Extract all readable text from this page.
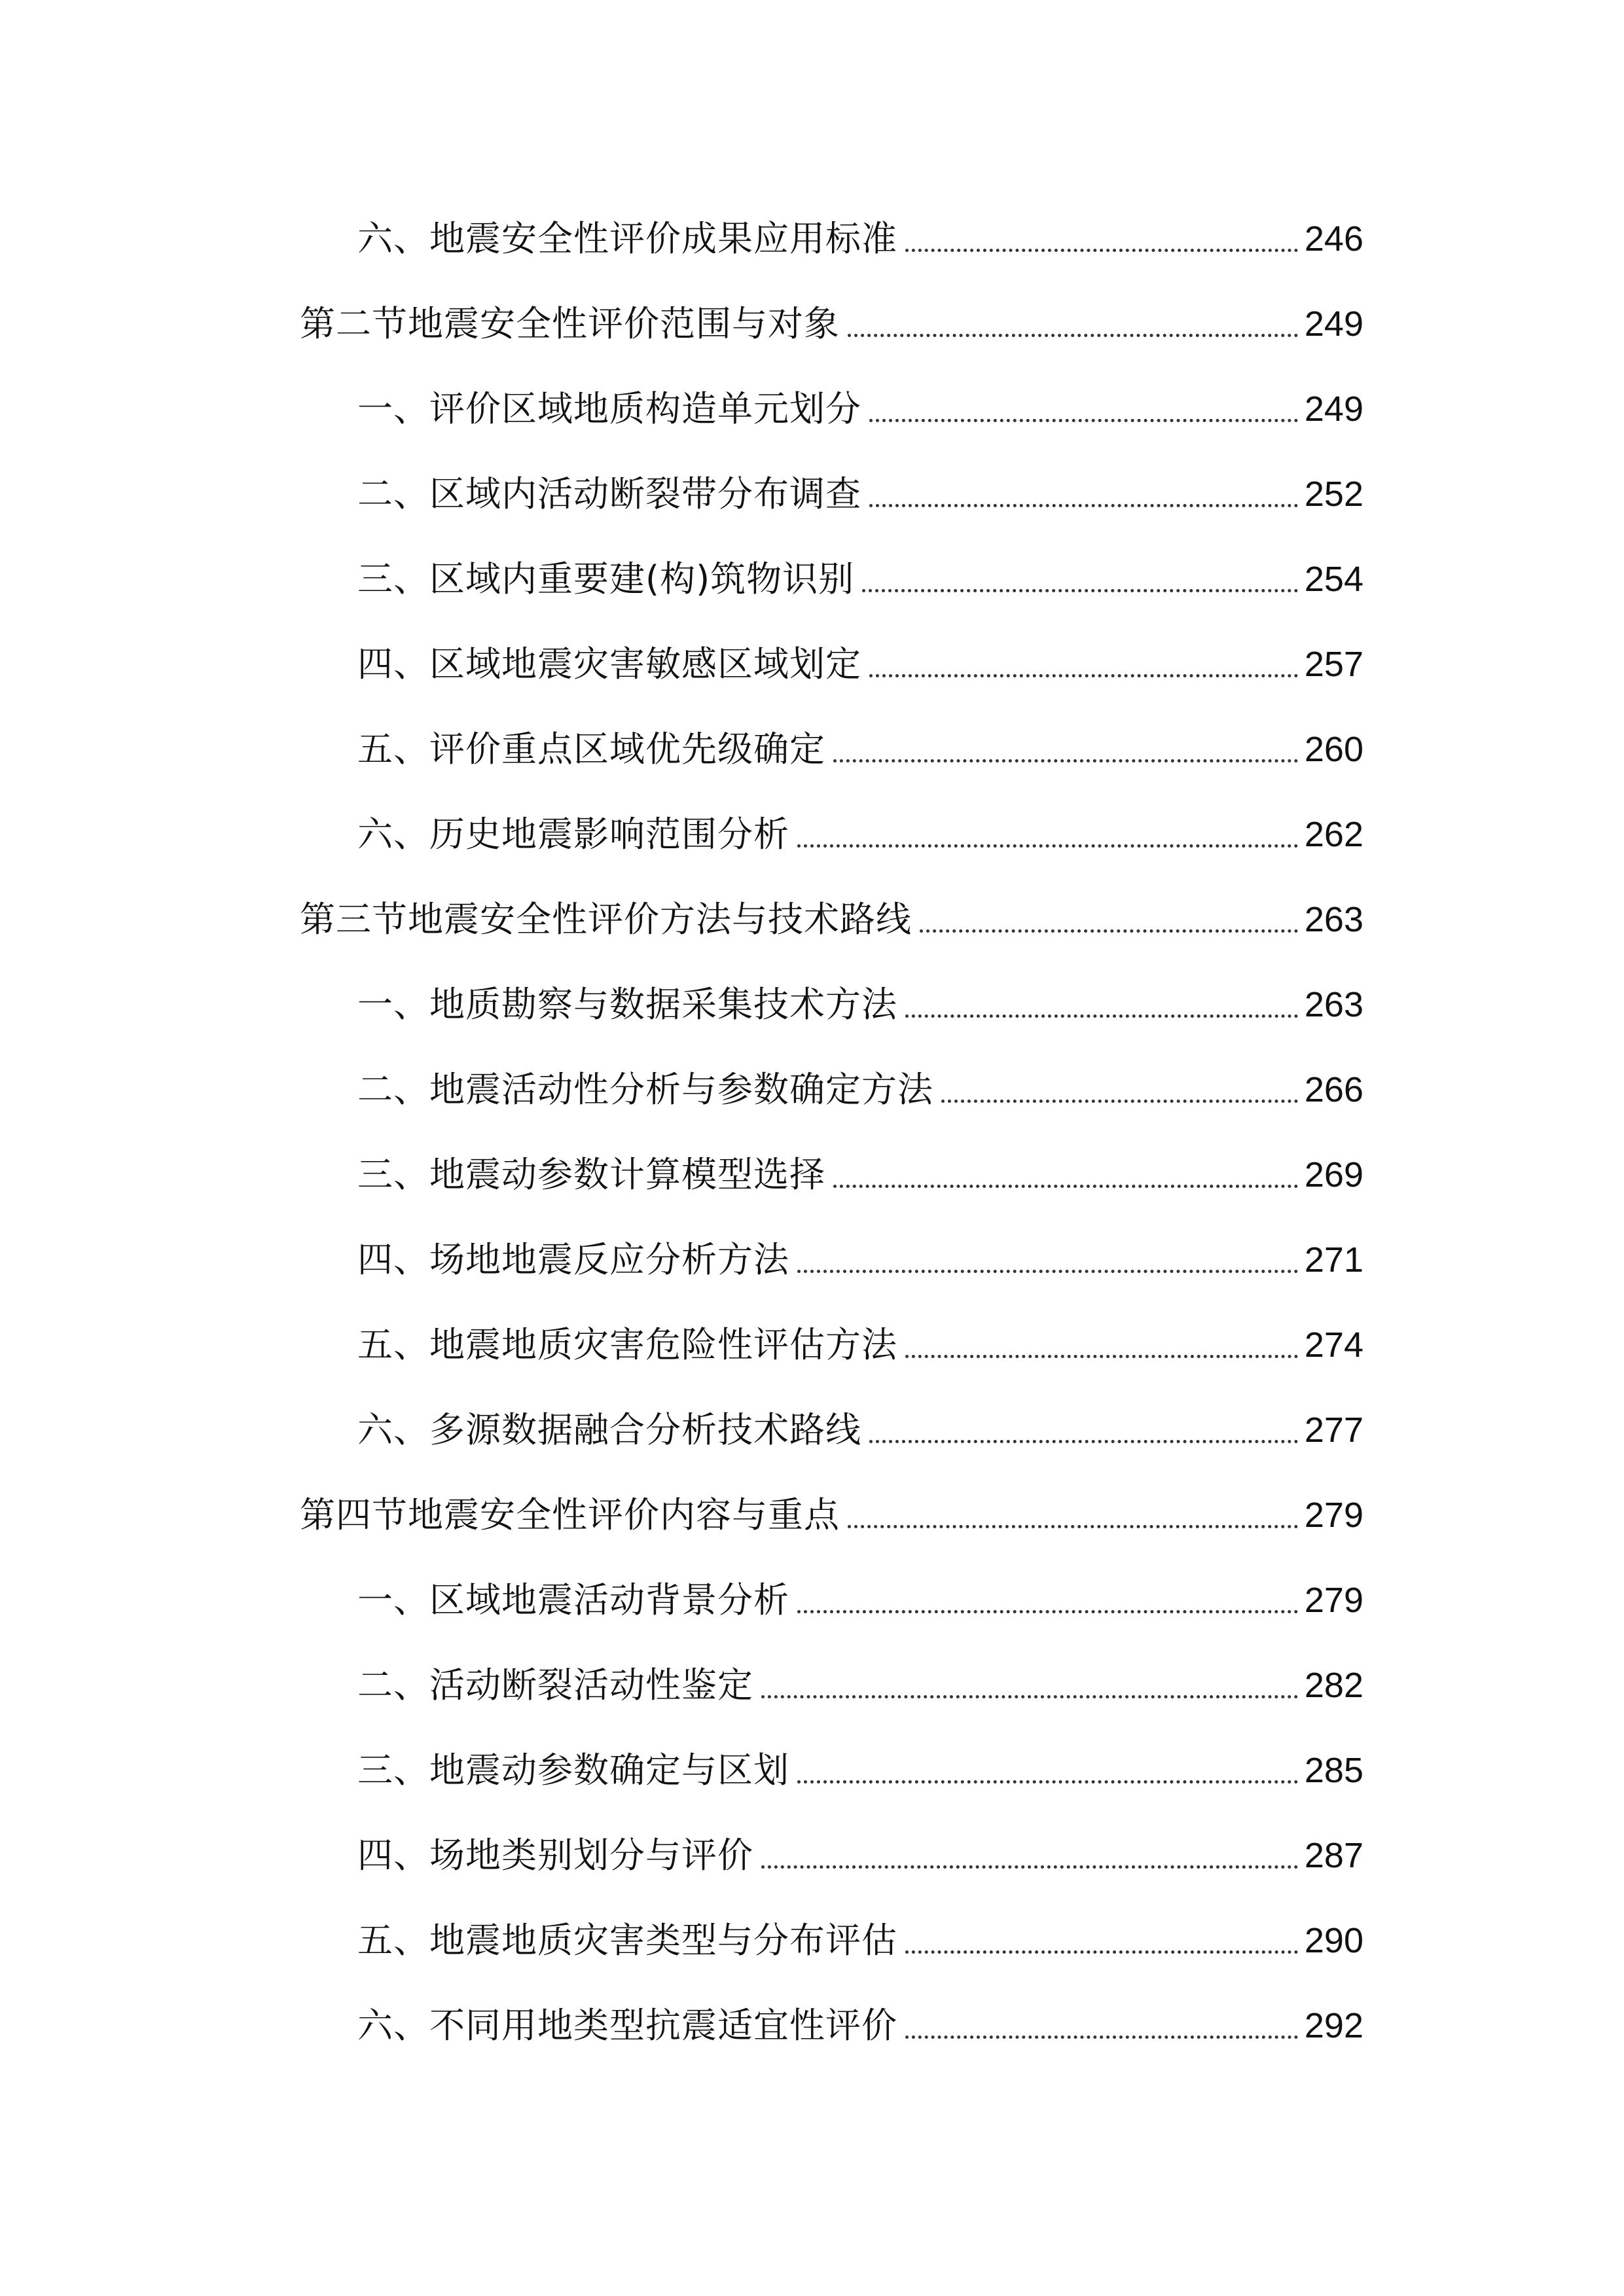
六、地震安全性评价成果应用标准	246
第二节地震安全性评价范围与对象	249
一、评价区域地质构造单元划分	249
二、区域内活动断裂带分布调查	252
三、区域内重要建(构)筑物识别	254
四、区域地震灾害敏感区域划定	257
五、评价重点区域优先级确定	260
六、历史地震影响范围分析	262
第三节地震安全性评价方法与技术路线	263
一、地质勘察与数据采集技术方法	263
二、地震活动性分析与参数确定方法	266
三、地震动参数计算模型选择	269
四、场地地震反应分析方法	271
五、地震地质灾害危险性评估方法	274
六、多源数据融合分析技术路线	277
第四节地震安全性评价内容与重点	279
一、区域地震活动背景分析	279
二、活动断裂活动性鉴定	282
三、地震动参数确定与区划	285
四、场地类别划分与评价	287
五、地震地质灾害类型与分布评估	290
六、不同用地类型抗震适宜性评价	292
